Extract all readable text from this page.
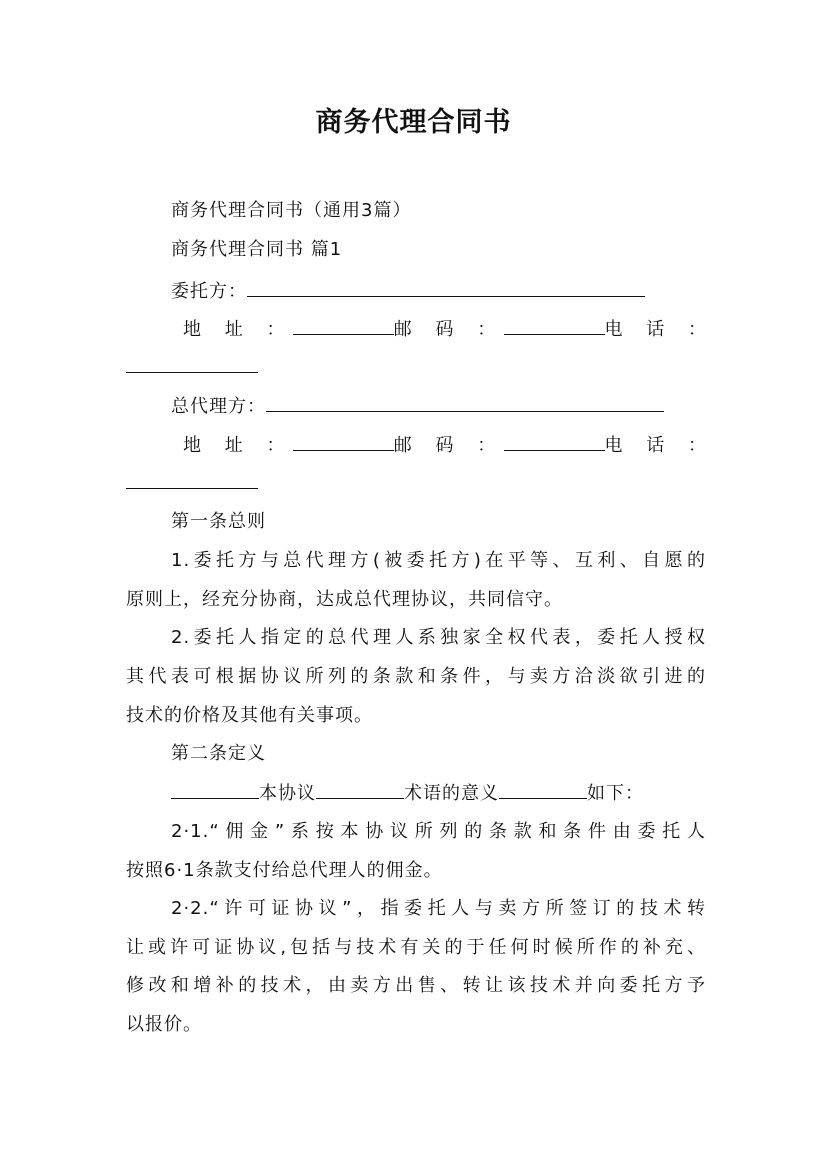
商务代理合同书
商务代理合同书（通用3篇）
商务代理合同书 篇1
委托方：
地 址 ：	邮 码 ：	电 话 ：
总代理方：
地 址 ：	邮 码 ：	电 话 ：
第一条总则
1.委托方与总代理方(被委托方)在平等、互利、自愿的
原则上，经充分协商，达成总代理协议，共同信守。
2.委托人指定的总代理人系独家全权代表，委托人授权
其代表可根据协议所列的条款和条件，与卖方洽淡欲引进的
技术的价格及其他有关事项。
第二条定义
本协议	术语的意义	如下：
2·1.“佣金”系按本协议所列的条款和条件由委托人
按照6·1条款支付给总代理人的佣金。
2·2.“许可证协议”，指委托人与卖方所签订的技术转
让或许可证协议,包括与技术有关的于任何时候所作的补充、
修改和增补的技术，由卖方出售、转让该技术并向委托方予
以报价。
